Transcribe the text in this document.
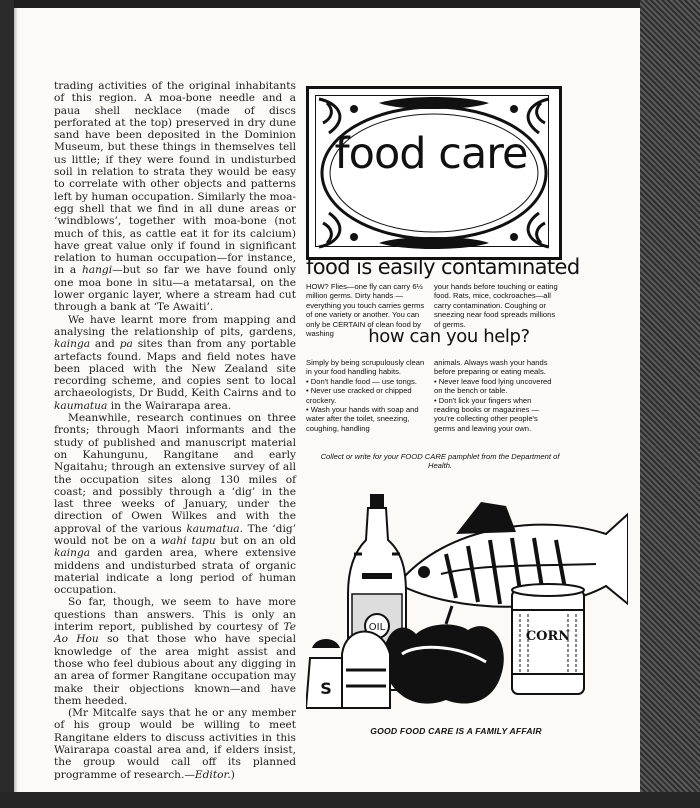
trading activities of the original inhabitants of this region. A moa-bone needle and a paua shell necklace (made of discs perforated at the top) preserved in dry dune sand have been deposited in the Dominion Museum, but these things in themselves tell us little; if they were found in undisturbed soil in relation to strata they would be easy to correlate with other objects and patterns left by human occupation. Similarly the moa-egg shell that we find in all dune areas or ‘windblows’, together with moa-bone (not much of this, as cattle eat it for its calcium) have great value only if found in significant relation to human occupation—for instance, in a hangi—but so far we have found only one moa bone in situ—a metatarsal, on the lower organic layer, where a stream had cut through a bank at ‘Te Awaiti’.

We have learnt more from mapping and analysing the relationship of pits, gardens, kainga and pa sites than from any portable artefacts found. Maps and field notes have been placed with the New Zealand site recording scheme, and copies sent to local archaeologists, Dr Budd, Keith Cairns and to kaumatua in the Wairarapa area.

Meanwhile, research continues on three fronts; through Maori informants and the study of published and manuscript material on Kahungunu, Rangitane and early Ngaitahu; through an extensive survey of all the occupation sites along 130 miles of coast; and possibly through a ‘dig’ in the last three weeks of January, under the direction of Owen Wilkes and with the approval of the various kaumatua. The ‘dig’ would not be on a wahi tapu but on an old kainga and garden area, where extensive middens and undisturbed strata of organic material indicate a long period of human occupation.

So far, though, we seem to have more questions than answers. This is only an interim report, published by courtesy of Te Ao Hou so that those who have special knowledge of the area might assist and those who feel dubious about any digging in an area of former Rangitane occupation may make their objections known—and have them heeded.

(Mr Mitcalfe says that he or any member of his group would be willing to meet Rangitane elders to discuss activities in this Wairarapa coastal area and, if elders insist, the group would call off its planned programme of research.—Editor.)

food care
food is easily contaminated
HOW? Flies—one fly can carry 6½ million germs. Dirty hands —everything you touch carries germs of one variety or another. You can only be CERTAIN of clean food by washing
your hands before touching or eating food. Rats, mice, cockroaches—all carry contamination. Coughing or sneezing near food spreads millions of germs.
how can you help?
Simply by being scrupulously clean in your food handling habits.
• Don't handle food — use tongs.
• Never use cracked or chipped crockery.
• Wash your hands with soap and water after the toilet, sneezing, coughing, handling
animals. Always wash your hands before preparing or eating meals.
• Never leave food lying uncovered on the bench or table.
• Don't lick your fingers when reading books or magazines — you're collecting other people's germs and leaving your own.
Collect or write for your FOOD CARE pamphlet from the Department of Health.
OIL
CORN
S
GOOD FOOD CARE IS A FAMILY AFFAIR
